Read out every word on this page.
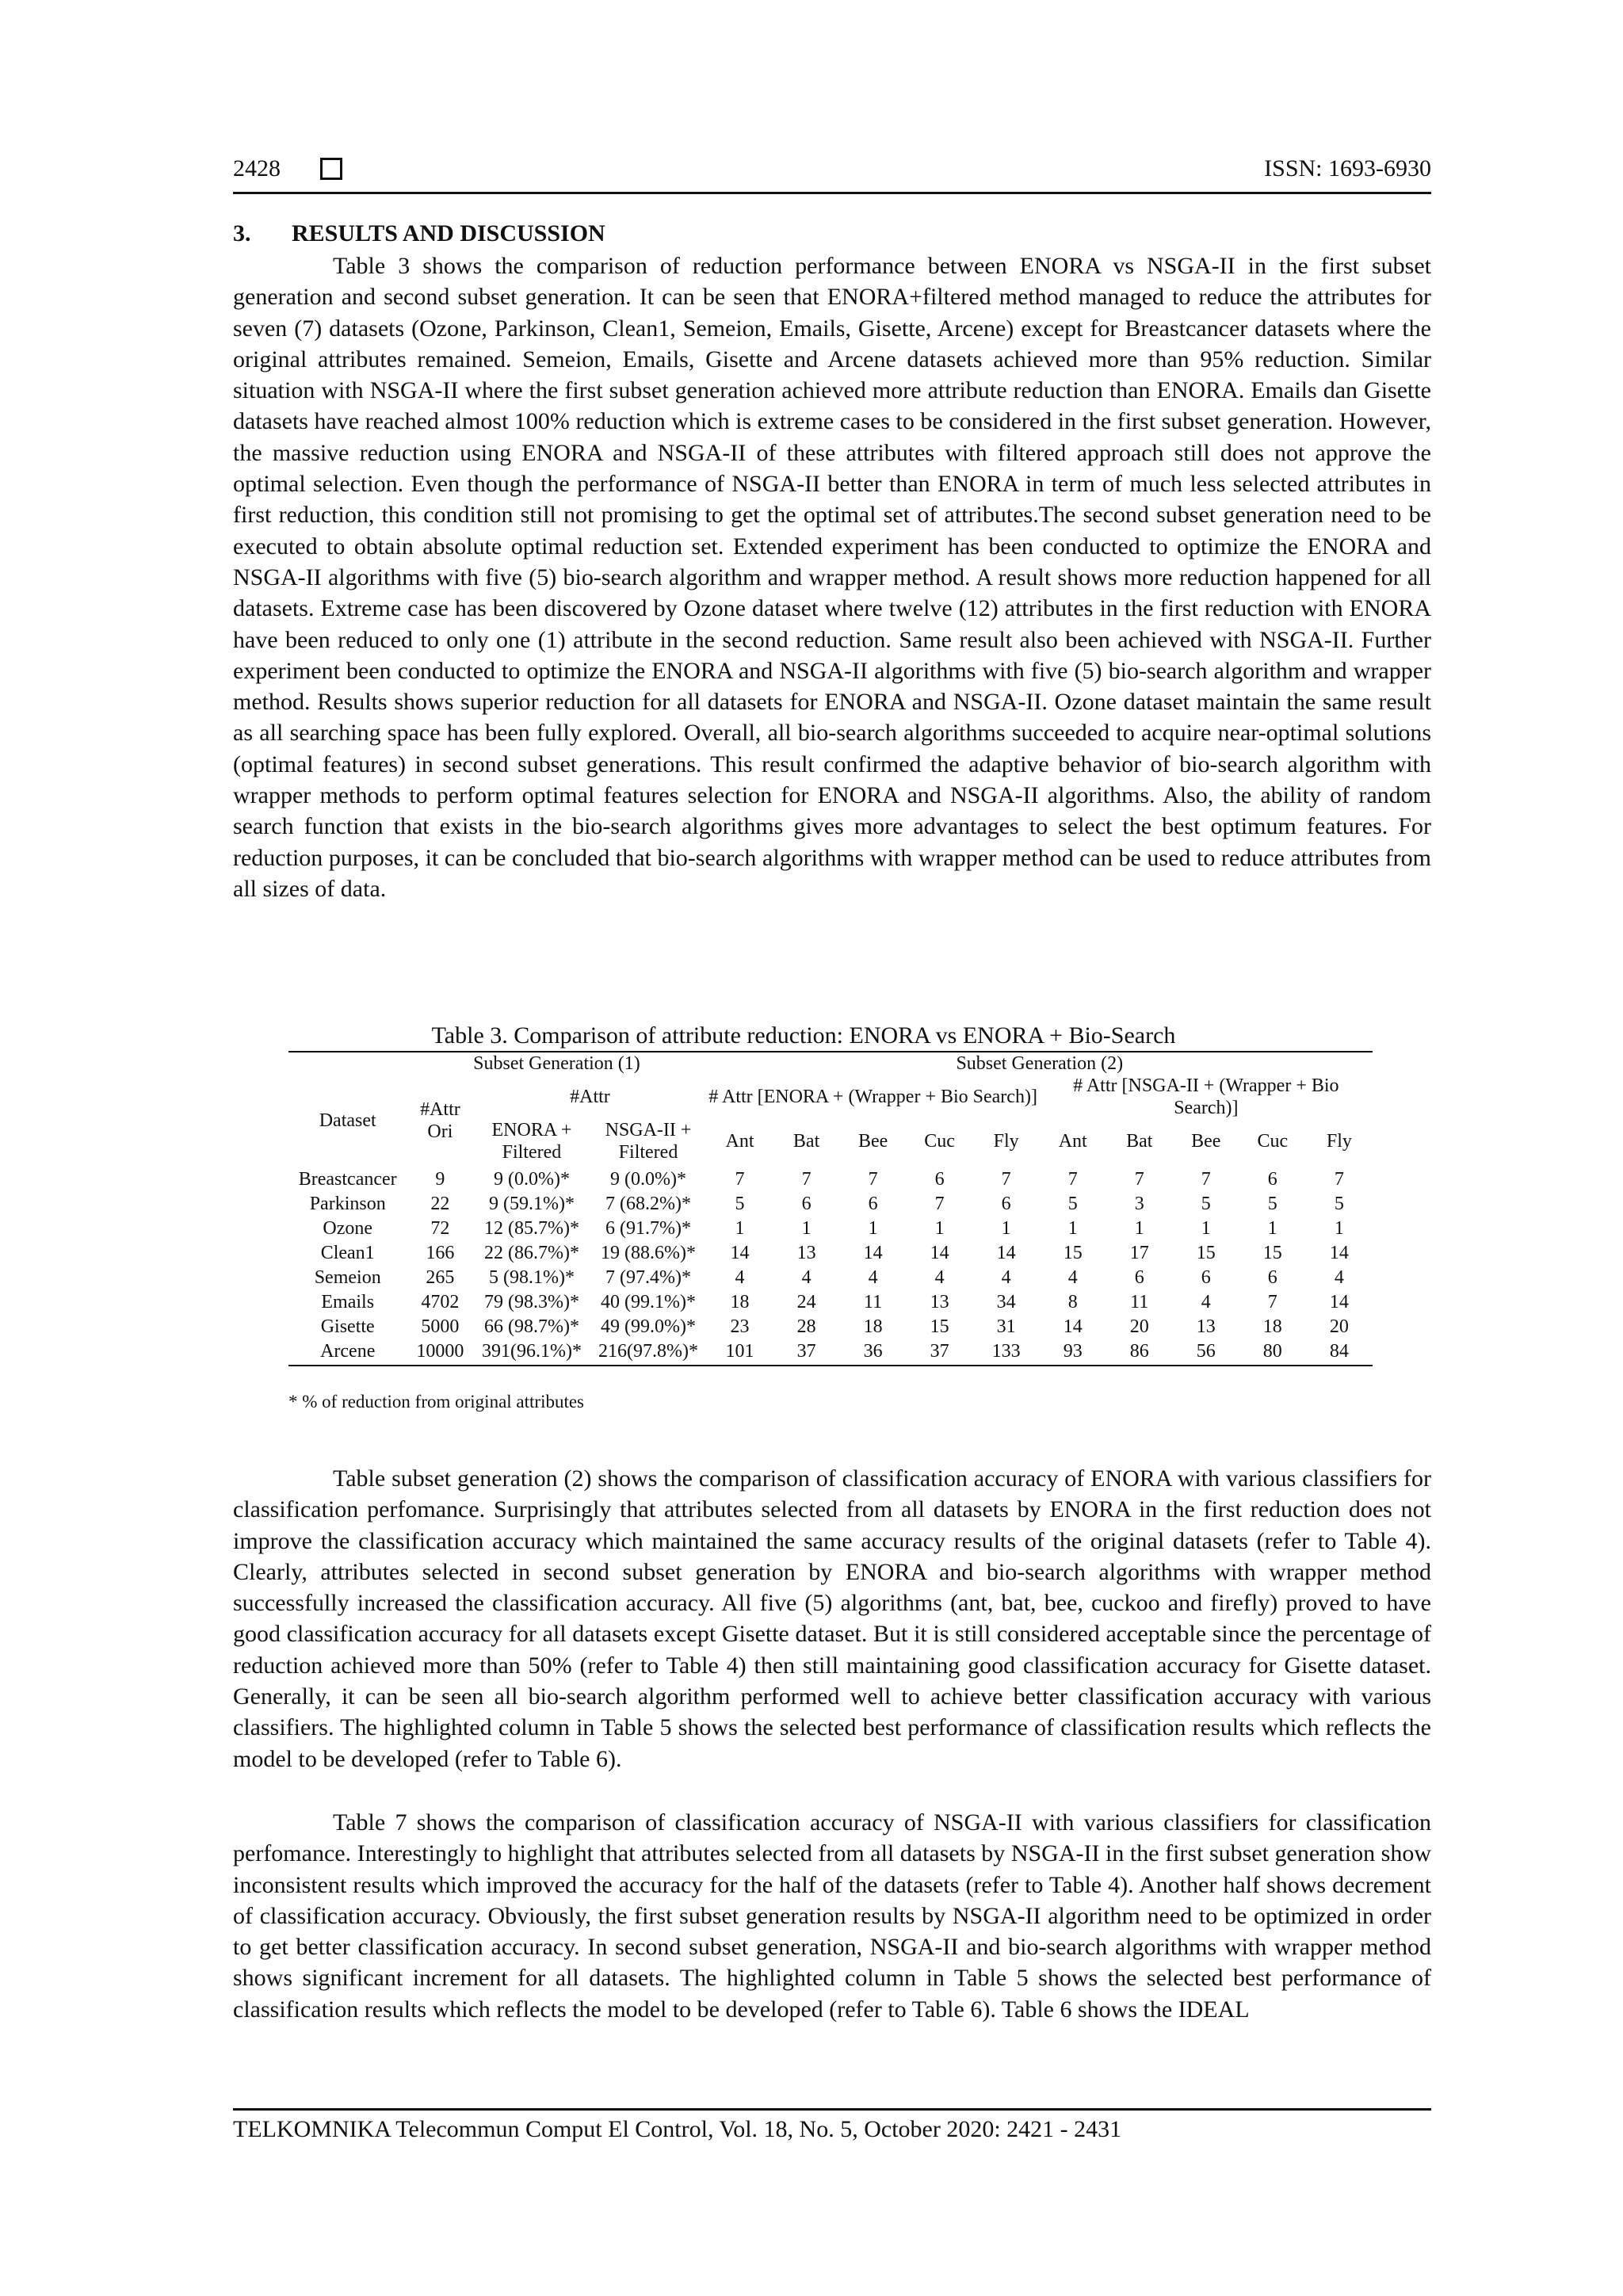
2428	ISSN: 1693-6930
3. RESULTS AND DISCUSSION

Table 3 shows the comparison of reduction performance between ENORA vs NSGA-II in the first subset generation and second subset generation. It can be seen that ENORA+filtered method managed to reduce the attributes for seven (7) datasets (Ozone, Parkinson, Clean1, Semeion, Emails, Gisette, Arcene) except for Breastcancer datasets where the original attributes remained. Semeion, Emails, Gisette and Arcene datasets achieved more than 95% reduction. Similar situation with NSGA-II where the first subset generation achieved more attribute reduction than ENORA. Emails dan Gisette datasets have reached almost 100% reduction which is extreme cases to be considered in the first subset generation. However, the massive reduction using ENORA and NSGA-II of these attributes with filtered approach still does not approve the optimal selection. Even though the performance of NSGA-II better than ENORA in term of much less selected attributes in first reduction, this condition still not promising to get the optimal set of attributes.The second subset generation need to be executed to obtain absolute optimal reduction set. Extended experiment has been conducted to optimize the ENORA and NSGA-II algorithms with five (5) bio-search algorithm and wrapper method. A result shows more reduction happened for all datasets. Extreme case has been discovered by Ozone dataset where twelve (12) attributes in the first reduction with ENORA have been reduced to only one (1) attribute in the second reduction. Same result also been achieved with NSGA-II. Further experiment been conducted to optimize the ENORA and NSGA-II algorithms with five (5) bio-search algorithm and wrapper method. Results shows superior reduction for all datasets for ENORA and NSGA-II. Ozone dataset maintain the same result as all searching space has been fully explored. Overall, all bio-search algorithms succeeded to acquire near-optimal solutions (optimal features) in second subset generations. This result confirmed the adaptive behavior of bio-search algorithm with wrapper methods to perform optimal features selection for ENORA and NSGA-II algorithms. Also, the ability of random search function that exists in the bio-search algorithms gives more advantages to select the best optimum features. For reduction purposes, it can be concluded that bio-search algorithms with wrapper method can be used to reduce attributes from all sizes of data.

Table 3. Comparison of attribute reduction: ENORA vs ENORA + Bio-Search
	Subset Generation (1)			Subset Generation (2)									
Dataset	#Attr Ori	#Attr		# Attr [ENORA + (Wrapper + Bio Search)]					# Attr [NSGA-II + (Wrapper + Bio Search)]				
		ENORA + Filtered	NSGA-II + Filtered	Ant	Bat	Bee	Cuc	Fly	Ant	Bat	Bee	Cuc	Fly
Breastcancer	9	9 (0.0%)*	9 (0.0%)*	7	7	7	6	7	7	7	7	6	7
Parkinson	22	9 (59.1%)*	7 (68.2%)*	5	6	6	7	6	5	3	5	5	5
Ozone	72	12 (85.7%)*	6 (91.7%)*	1	1	1	1	1	1	1	1	1	1
Clean1	166	22 (86.7%)*	19 (88.6%)*	14	13	14	14	14	15	17	15	15	14
Semeion	265	5 (98.1%)*	7 (97.4%)*	4	4	4	4	4	4	6	6	6	4
Emails	4702	79 (98.3%)*	40 (99.1%)*	18	24	11	13	34	8	11	4	7	14
Gisette	5000	66 (98.7%)*	49 (99.0%)*	23	28	18	15	31	14	20	13	18	20
Arcene	10000	391(96.1%)*	216(97.8%)*	101	37	36	37	133	93	86	56	80	84
* % of reduction from original attributes

Table subset generation (2) shows the comparison of classification accuracy of ENORA with various classifiers for classification perfomance. Surprisingly that attributes selected from all datasets by ENORA in the first reduction does not improve the classification accuracy which maintained the same accuracy results of the original datasets (refer to Table 4). Clearly, attributes selected in second subset generation by ENORA and bio-search algorithms with wrapper method successfully increased the classification accuracy. All five (5) algorithms (ant, bat, bee, cuckoo and firefly) proved to have good classification accuracy for all datasets except Gisette dataset. But it is still considered acceptable since the percentage of reduction achieved more than 50% (refer to Table 4) then still maintaining good classification accuracy for Gisette dataset. Generally, it can be seen all bio-search algorithm performed well to achieve better classification accuracy with various classifiers. The highlighted column in Table 5 shows the selected best performance of classification results which reflects the model to be developed (refer to Table 6).

Table 7 shows the comparison of classification accuracy of NSGA-II with various classifiers for classification perfomance. Interestingly to highlight that attributes selected from all datasets by NSGA-II in the first subset generation show inconsistent results which improved the accuracy for the half of the datasets (refer to Table 4). Another half shows decrement of classification accuracy. Obviously, the first subset generation results by NSGA-II algorithm need to be optimized in order to get better classification accuracy. In second subset generation, NSGA-II and bio-search algorithms with wrapper method shows significant increment for all datasets. The highlighted column in Table 5 shows the selected best performance of classification results which reflects the model to be developed (refer to Table 6). Table 6 shows the IDEAL

TELKOMNIKA Telecommun Comput El Control, Vol. 18, No. 5, October 2020: 2421 - 2431
